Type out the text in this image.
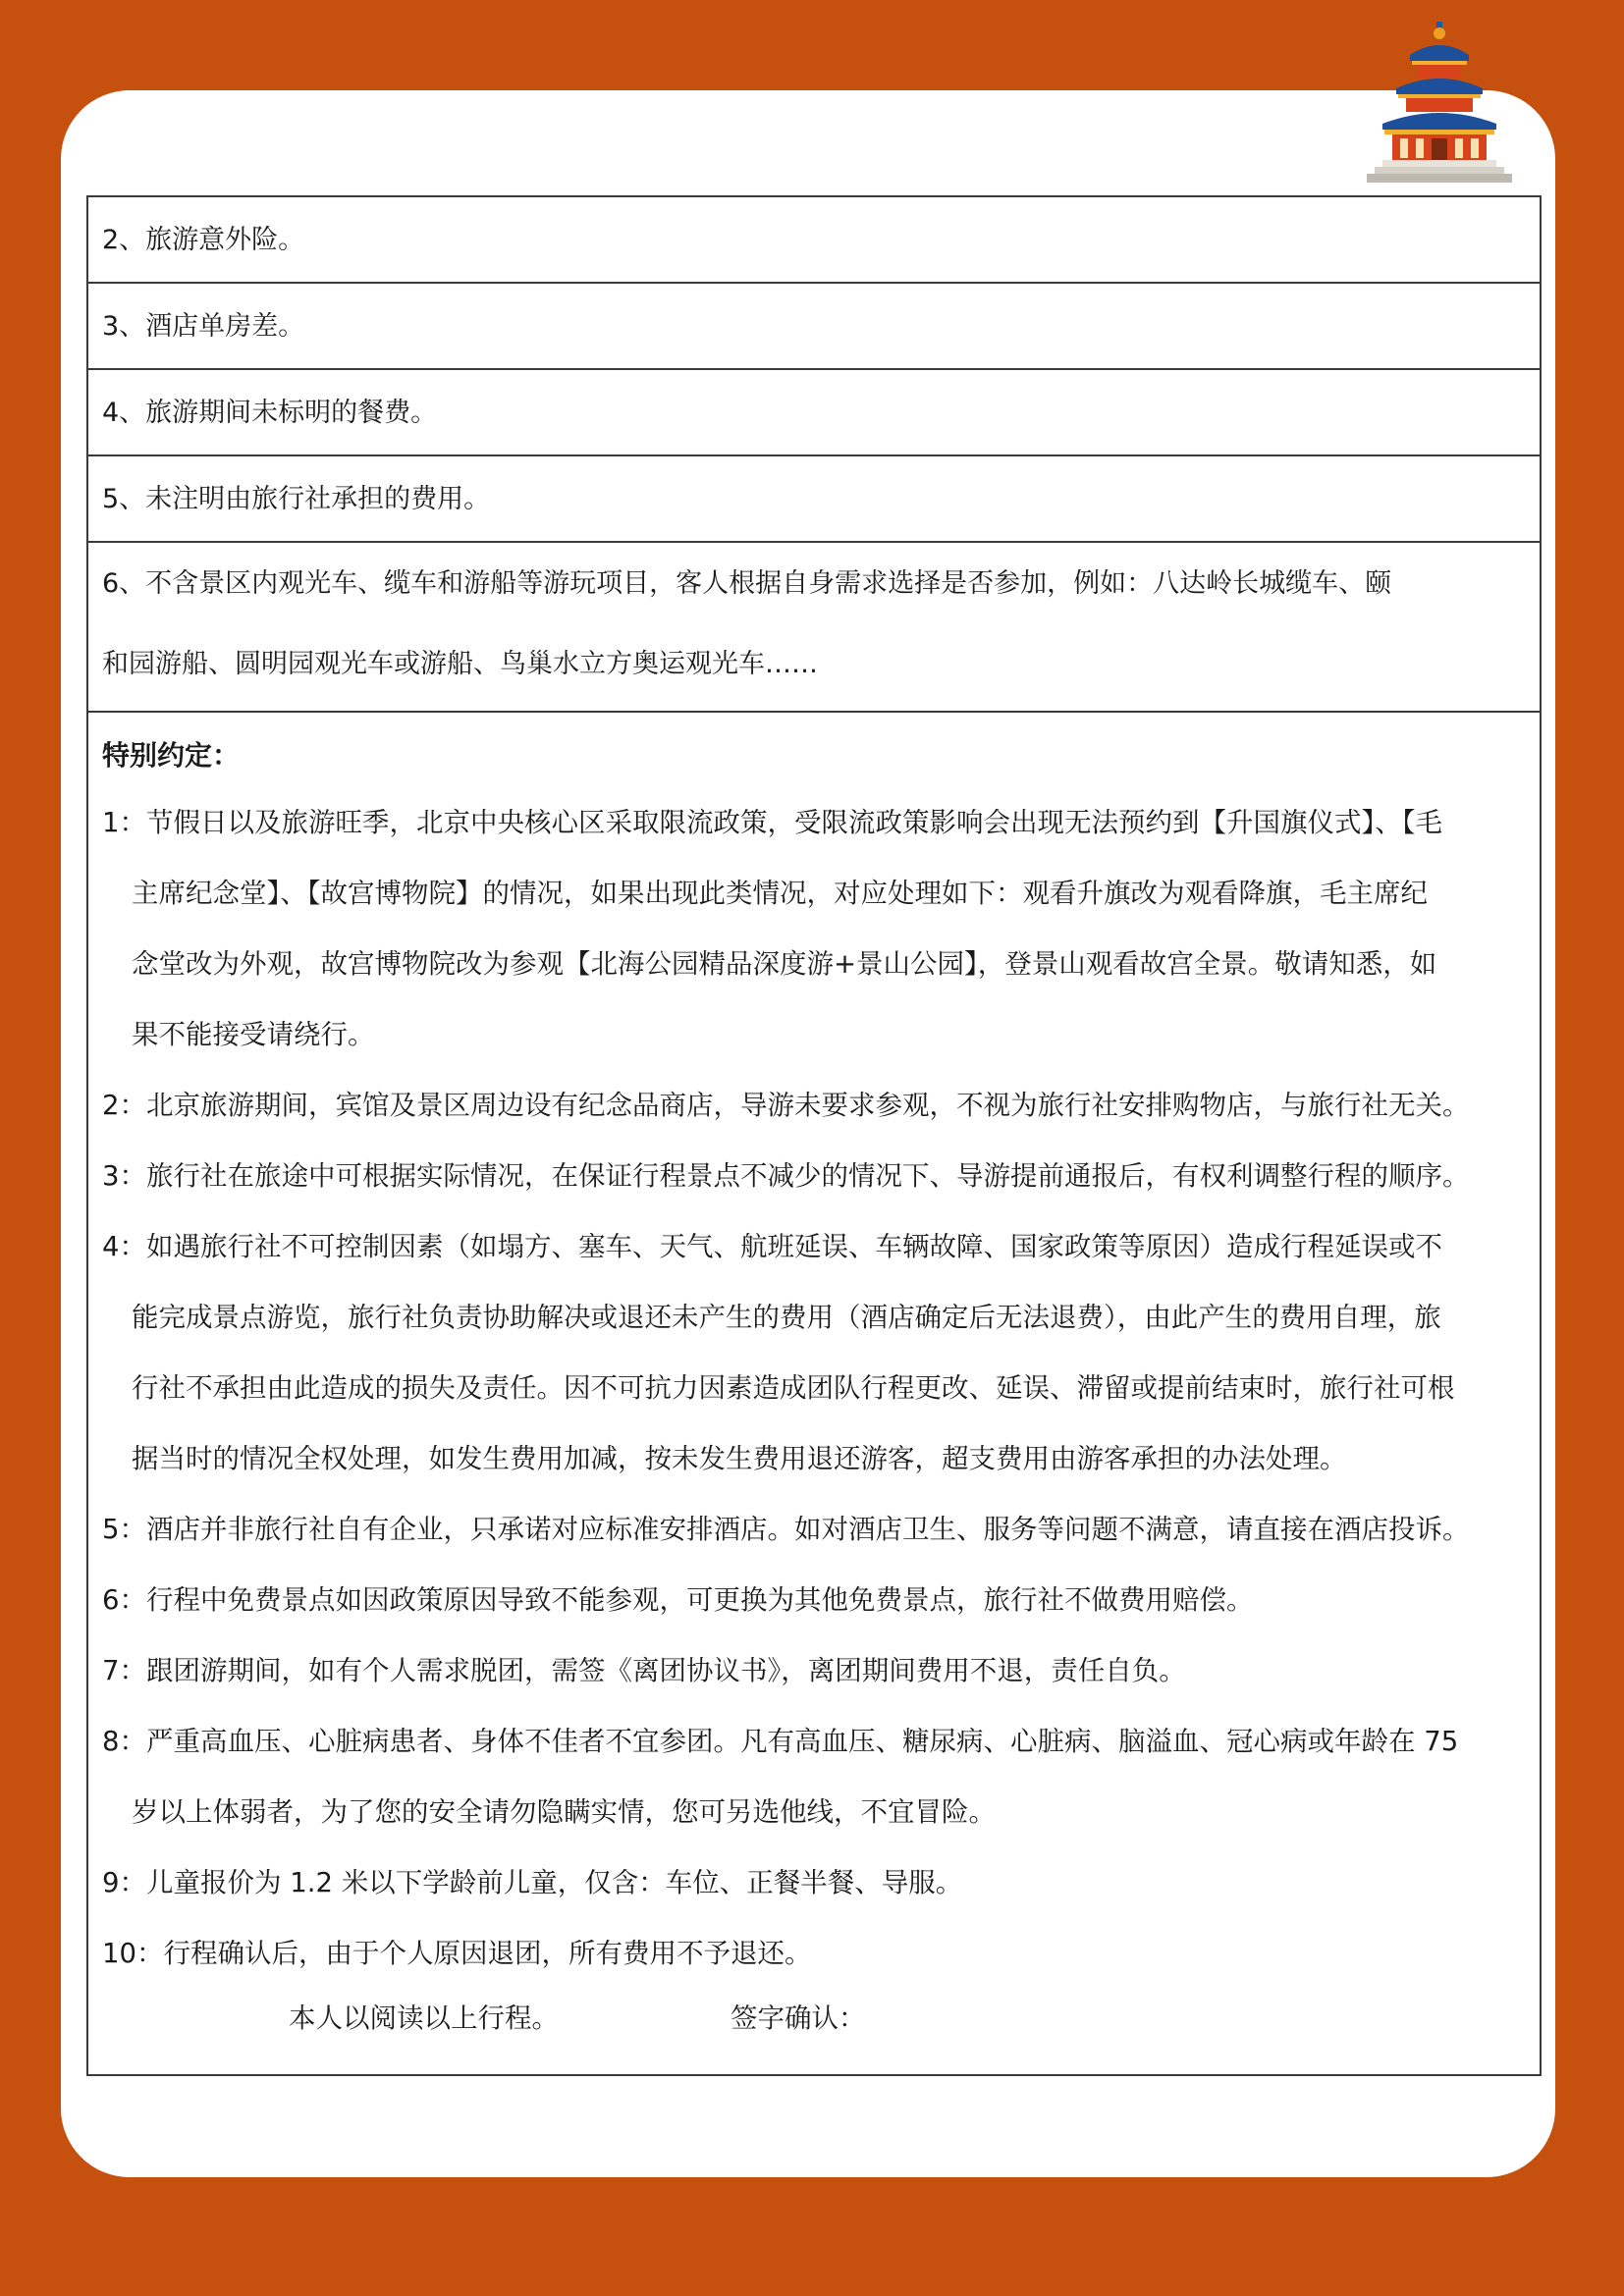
2、旅游意外险。
3、酒店单房差。
4、旅游期间未标明的餐费。
5、未注明由旅行社承担的费用。
6、不含景区内观光车、缆车和游船等游玩项目，客人根据自身需求选择是否参加，例如：八达岭长城缆车、颐
和园游船、圆明园观光车或游船、鸟巢水立方奥运观光车……
特别约定：
1：节假日以及旅游旺季，北京中央核心区采取限流政策，受限流政策影响会出现无法预约到【升国旗仪式】、【毛
主席纪念堂】、【故宫博物院】的情况，如果出现此类情况，对应处理如下：观看升旗改为观看降旗，毛主席纪
念堂改为外观，故宫博物院改为参观【北海公园精品深度游+景山公园】，登景山观看故宫全景。敬请知悉，如
果不能接受请绕行。
2：北京旅游期间，宾馆及景区周边设有纪念品商店，导游未要求参观，不视为旅行社安排购物店，与旅行社无关。
3：旅行社在旅途中可根据实际情况，在保证行程景点不减少的情况下、导游提前通报后，有权利调整行程的顺序。
4：如遇旅行社不可控制因素（如塌方、塞车、天气、航班延误、车辆故障、国家政策等原因）造成行程延误或不
能完成景点游览，旅行社负责协助解决或退还未产生的费用（酒店确定后无法退费），由此产生的费用自理，旅
行社不承担由此造成的损失及责任。因不可抗力因素造成团队行程更改、延误、滞留或提前结束时，旅行社可根
据当时的情况全权处理，如发生费用加减，按未发生费用退还游客，超支费用由游客承担的办法处理。
5：酒店并非旅行社自有企业，只承诺对应标准安排酒店。如对酒店卫生、服务等问题不满意，请直接在酒店投诉。
6：行程中免费景点如因政策原因导致不能参观，可更换为其他免费景点，旅行社不做费用赔偿。
7：跟团游期间，如有个人需求脱团，需签《离团协议书》，离团期间费用不退，责任自负。
8：严重高血压、心脏病患者、身体不佳者不宜参团。凡有高血压、糖尿病、心脏病、脑溢血、冠心病或年龄在 75
岁以上体弱者，为了您的安全请勿隐瞒实情，您可另选他线，不宜冒险。
9：儿童报价为 1.2 米以下学龄前儿童，仅含：车位、正餐半餐、导服。
10：行程确认后，由于个人原因退团，所有费用不予退还。
本人以阅读以上行程。	签字确认：
